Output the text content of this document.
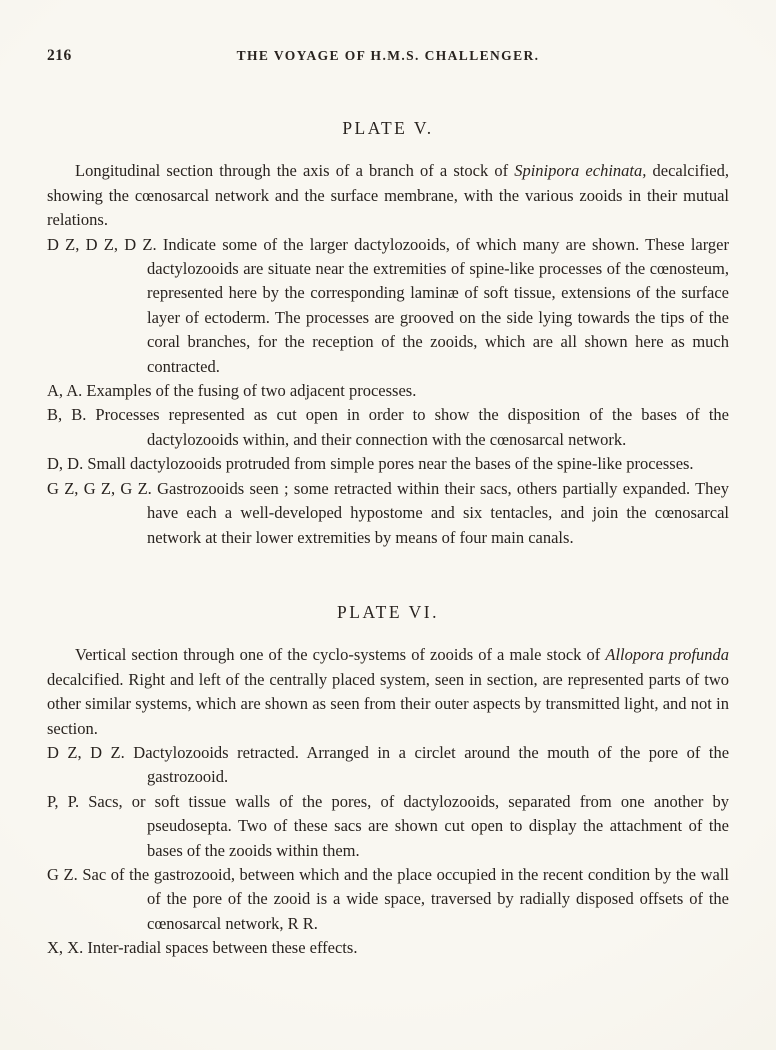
216	THE VOYAGE OF H.M.S. CHALLENGER.
PLATE V.

Longitudinal section through the axis of a branch of a stock of Spinipora echinata, decalcified, showing the cœnosarcal network and the surface membrane, with the various zooids in their mutual relations.

D Z, D Z, D Z. Indicate some of the larger dactylozooids, of which many are shown. These larger dactylozooids are situate near the extremities of spine-like processes of the cœnosteum, represented here by the corresponding laminæ of soft tissue, extensions of the surface layer of ectoderm. The processes are grooved on the side lying towards the tips of the coral branches, for the reception of the zooids, which are all shown here as much contracted.

A, A. Examples of the fusing of two adjacent processes.

B, B. Processes represented as cut open in order to show the disposition of the bases of the dactylozooids within, and their connection with the cœnosarcal network.

D, D. Small dactylozooids protruded from simple pores near the bases of the spine-like processes.

G Z, G Z, G Z. Gastrozooids seen ; some retracted within their sacs, others partially expanded. They have each a well-developed hypostome and six tentacles, and join the cœnosarcal network at their lower extremities by means of four main canals.

PLATE VI.

Vertical section through one of the cyclo-systems of zooids of a male stock of Allopora profunda decalcified. Right and left of the centrally placed system, seen in section, are represented parts of two other similar systems, which are shown as seen from their outer aspects by transmitted light, and not in section.

D Z, D Z. Dactylozooids retracted. Arranged in a circlet around the mouth of the pore of the gastrozooid.

P, P. Sacs, or soft tissue walls of the pores, of dactylozooids, separated from one another by pseudosepta. Two of these sacs are shown cut open to display the attachment of the bases of the zooids within them.

G Z. Sac of the gastrozooid, between which and the place occupied in the recent condition by the wall of the pore of the zooid is a wide space, traversed by radially disposed offsets of the cœnosarcal network, R R.

X, X. Inter-radial spaces between these effects.
